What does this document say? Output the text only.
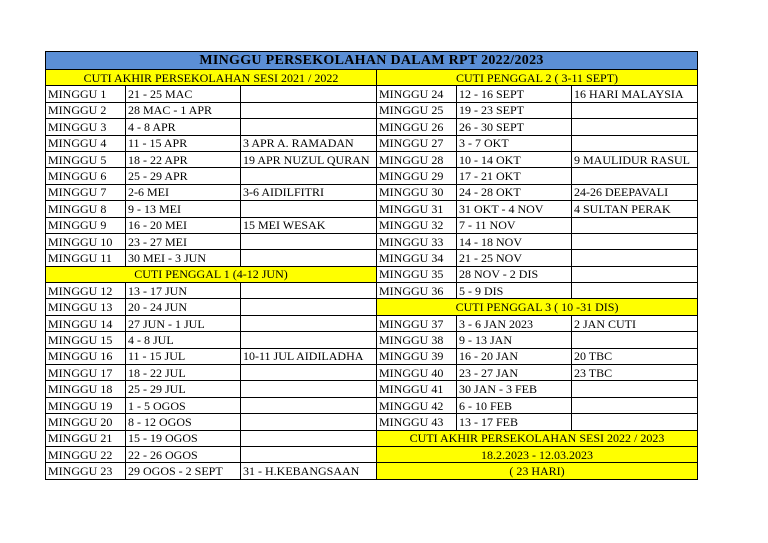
MINGGU PERSEKOLAHAN DALAM RPT 2022/2023					
CUTI AKHIR PERSEKOLAHAN SESI 2021 / 2022			CUTI PENGGAL 2 ( 3-11 SEPT)		
MINGGU 1	21 - 25 MAC		MINGGU 24	12 - 16 SEPT	16 HARI MALAYSIA
MINGGU 2	28 MAC - 1 APR		MINGGU 25	19 - 23 SEPT	
MINGGU 3	4 - 8 APR		MINGGU 26	26 - 30 SEPT	
MINGGU 4	11 - 15 APR	3 APR A. RAMADAN	MINGGU 27	3 - 7 OKT	
MINGGU 5	18 - 22 APR	19 APR NUZUL QURAN	MINGGU 28	10 - 14 OKT	9 MAULIDUR RASUL
MINGGU 6	25 - 29 APR		MINGGU 29	17 - 21 OKT	
MINGGU 7	2-6 MEI	3-6 AIDILFITRI	MINGGU 30	24 - 28 OKT	24-26 DEEPAVALI
MINGGU 8	9 - 13 MEI		MINGGU 31	31 OKT - 4 NOV	4 SULTAN PERAK
MINGGU 9	16 - 20 MEI	15 MEI WESAK	MINGGU 32	7 - 11 NOV	
MINGGU 10	23 - 27 MEI		MINGGU 33	14 - 18 NOV	
MINGGU 11	30 MEI - 3 JUN		MINGGU 34	21 - 25 NOV	
CUTI PENGGAL 1 (4-12 JUN)			MINGGU 35	28 NOV - 2 DIS	
MINGGU 12	13 - 17 JUN		MINGGU 36	5 - 9 DIS	
MINGGU 13	20 - 24 JUN		CUTI PENGGAL 3 ( 10 -31 DIS)		
MINGGU 14	27 JUN - 1 JUL		MINGGU 37	3 - 6 JAN 2023	2 JAN CUTI
MINGGU 15	4 - 8 JUL		MINGGU 38	9 - 13 JAN	
MINGGU 16	11 - 15 JUL	10-11 JUL AIDILADHA	MINGGU 39	16 - 20 JAN	20 TBC
MINGGU 17	18 - 22 JUL		MINGGU 40	23 - 27 JAN	23 TBC
MINGGU 18	25 - 29 JUL		MINGGU 41	30 JAN - 3 FEB	
MINGGU 19	1 - 5 OGOS		MINGGU 42	6 - 10 FEB	
MINGGU 20	8 - 12 OGOS		MINGGU 43	13 - 17 FEB	
MINGGU 21	15 - 19 OGOS		CUTI AKHIR PERSEKOLAHAN SESI 2022 / 2023		
MINGGU 22	22 - 26 OGOS		18.2.2023 - 12.03.2023		
MINGGU 23	29 OGOS - 2 SEPT	31 - H.KEBANGSAAN	( 23 HARI)		
